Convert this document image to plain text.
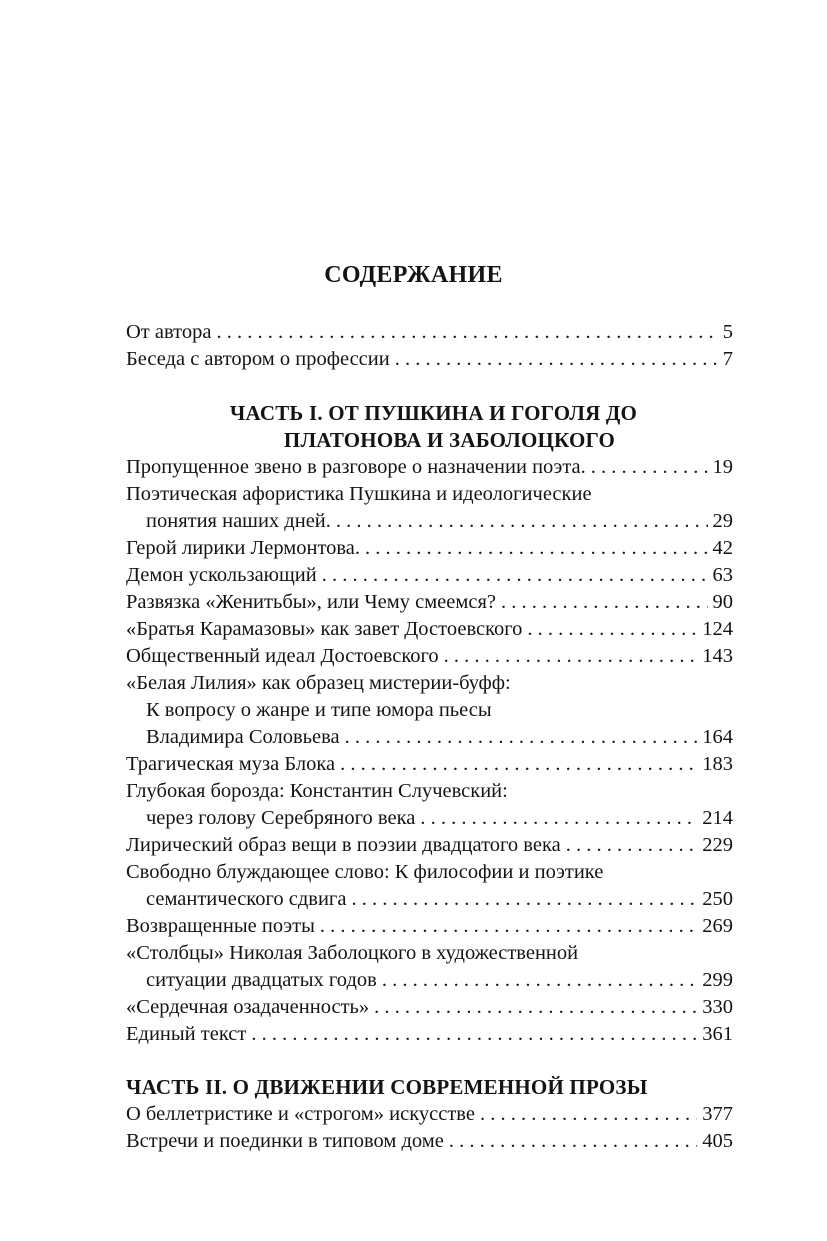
СОДЕРЖАНИЕ
От автора . . .	5
Беседа с автором о профессии . . .	7
ЧАСТЬ I. ОТ ПУШКИНА И ГОГОЛЯ ДО
ПЛАТОНОВА И ЗАБОЛОЦКОГО
Пропущенное звено в разговоре о назначении поэта. . . .	19
Поэтическая афористика Пушкина и идеологические
понятия наших дней. . . .	29
Герой лирики Лермонтова. . . .	42
Демон ускользающий . . .	63
Развязка «Женитьбы», или Чему смеемся? . . .	90
«Братья Карамазовы» как завет Достоевского . . .	124
Общественный идеал Достоевского . . .	143
«Белая Лилия» как образец мистерии-буфф:
К вопросу о жанре и типе юмора пьесы
Владимира Соловьева . . .	164
Трагическая муза Блока . . .	183
Глубокая борозда: Константин Случевский:
через голову Серебряного века . . .	214
Лирический образ вещи в поэзии двадцатого века . . .	229
Свободно блуждающее слово: К философии и поэтике
семантического сдвига . . .	250
Возвращенные поэты . . .	269
«Столбцы» Николая Заболоцкого в художественной
ситуации двадцатых годов . . .	299
«Сердечная озадаченность» . . .	330
Единый текст . . .	361
ЧАСТЬ II. О ДВИЖЕНИИ СОВРЕМЕННОЙ ПРОЗЫ
О беллетристике и «строгом» искусстве . . .	377
Встречи и поединки в типовом доме . . .	405
